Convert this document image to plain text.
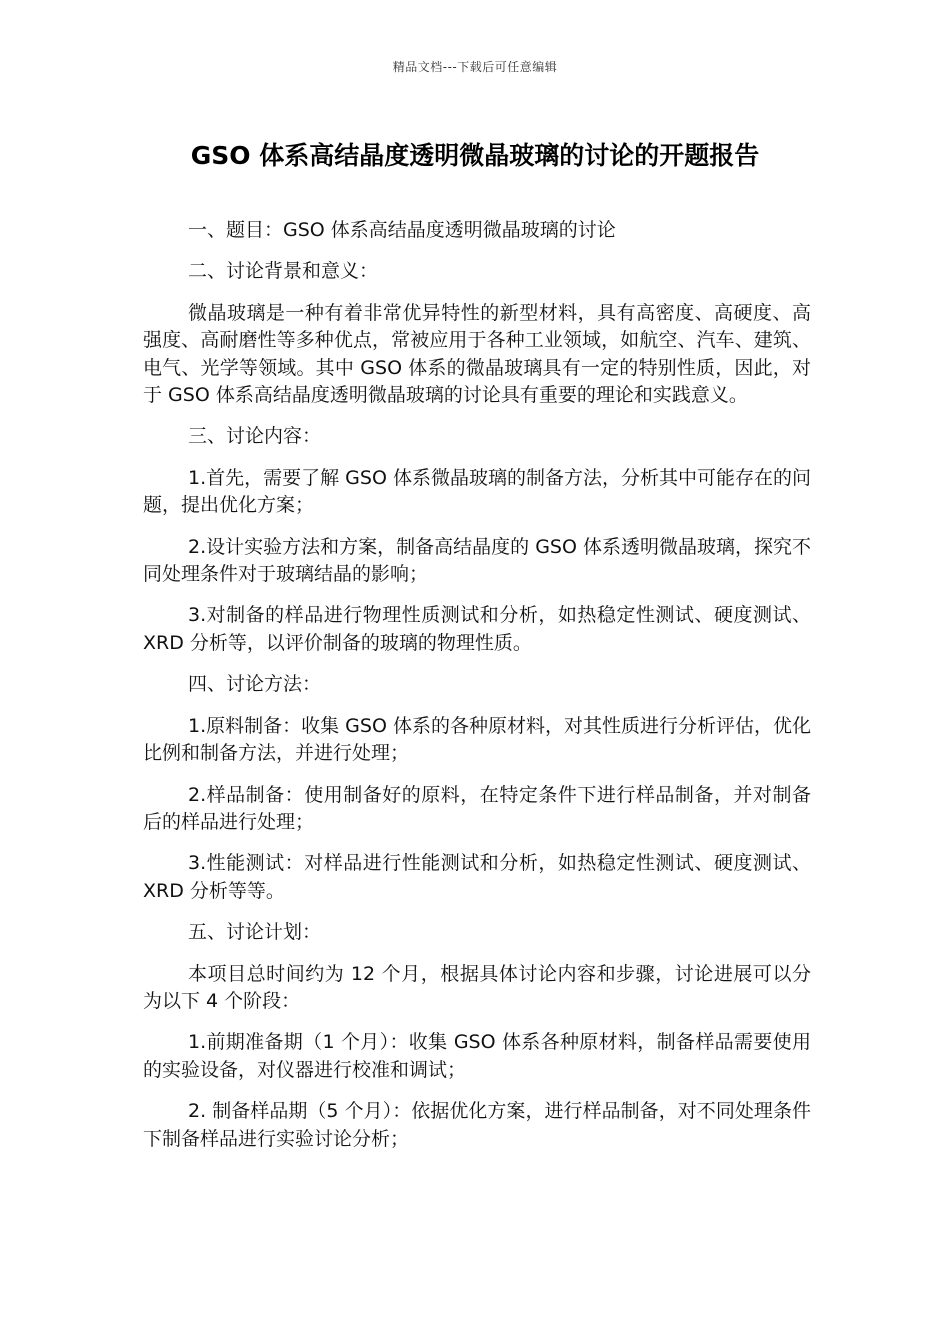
精品文档---下载后可任意编辑
GSO 体系高结晶度透明微晶玻璃的讨论的开题报告

一、题目：GSO 体系高结晶度透明微晶玻璃的讨论

二、讨论背景和意义：

微晶玻璃是一种有着非常优异特性的新型材料，具有高密度、高硬度、高强度、高耐磨性等多种优点，常被应用于各种工业领域，如航空、汽车、建筑、电气、光学等领域。其中 GSO 体系的微晶玻璃具有一定的特别性质，因此，对于 GSO 体系高结晶度透明微晶玻璃的讨论具有重要的理论和实践意义。

三、讨论内容：

1.首先，需要了解 GSO 体系微晶玻璃的制备方法，分析其中可能存在的问题，提出优化方案；

2.设计实验方法和方案，制备高结晶度的 GSO 体系透明微晶玻璃，探究不同处理条件对于玻璃结晶的影响；

3.对制备的样品进行物理性质测试和分析，如热稳定性测试、硬度测试、XRD 分析等，以评价制备的玻璃的物理性质。

四、讨论方法：

1.原料制备：收集 GSO 体系的各种原材料，对其性质进行分析评估，优化比例和制备方法，并进行处理；

2.样品制备：使用制备好的原料，在特定条件下进行样品制备，并对制备后的样品进行处理；

3.性能测试：对样品进行性能测试和分析，如热稳定性测试、硬度测试、XRD 分析等等。

五、讨论计划：

本项目总时间约为 12 个月，根据具体讨论内容和步骤，讨论进展可以分为以下 4 个阶段：

1.前期准备期（1 个月）：收集 GSO 体系各种原材料，制备样品需要使用的实验设备，对仪器进行校准和调试；

2. 制备样品期（5 个月）：依据优化方案，进行样品制备，对不同处理条件下制备样品进行实验讨论分析；
